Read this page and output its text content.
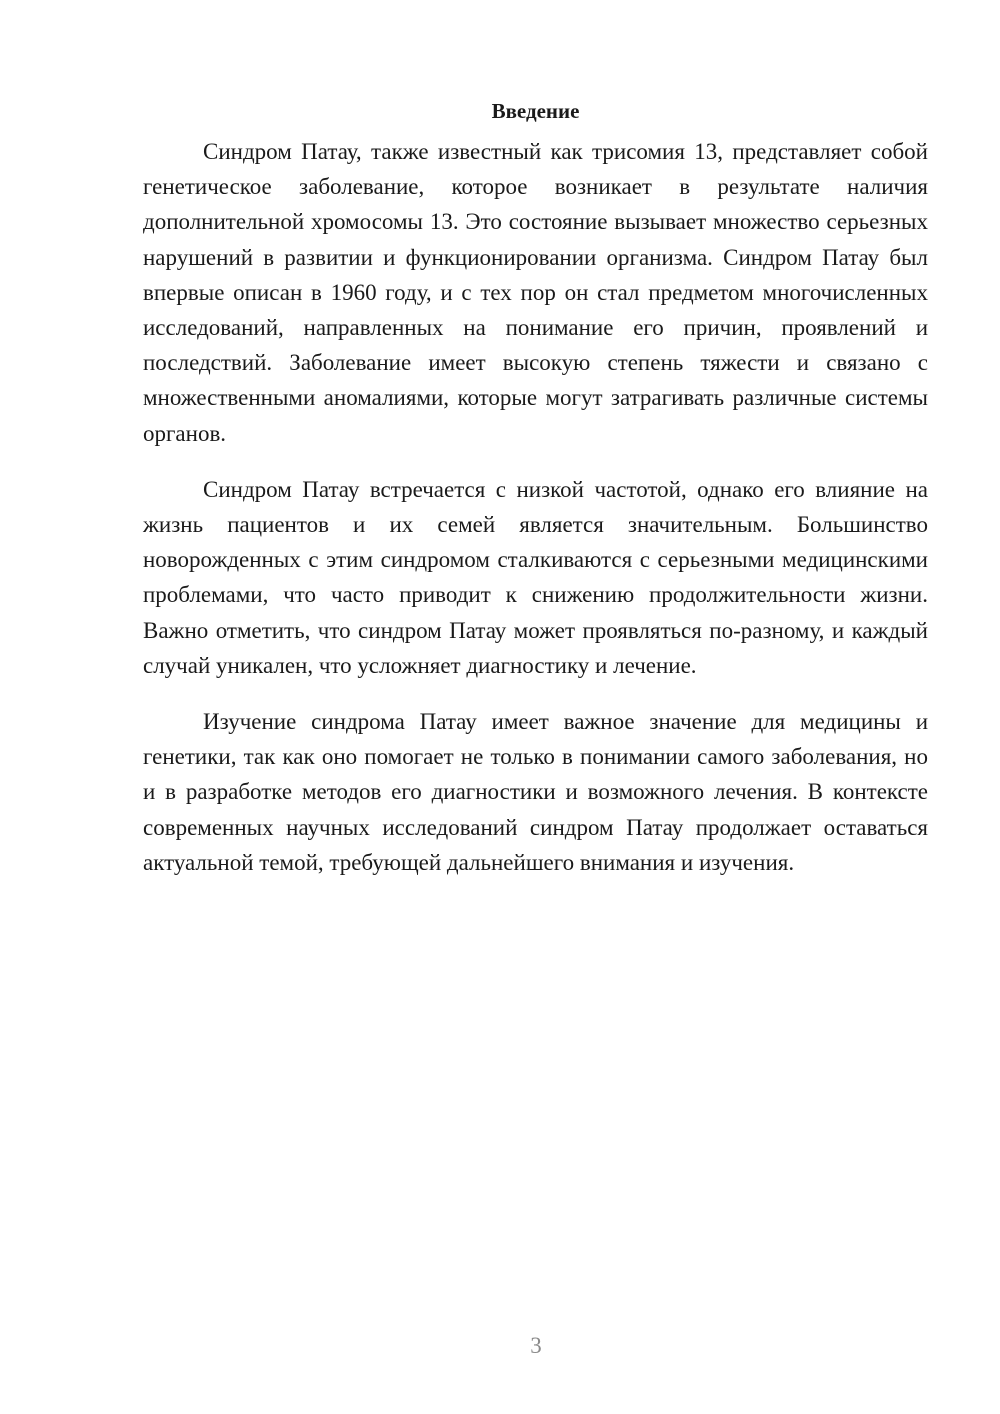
Введение

Синдром Патау, также известный как трисомия 13, представляет собой генетическое заболевание, которое возникает в результате наличия дополнительной хромосомы 13. Это состояние вызывает множество серьезных нарушений в развитии и функционировании организма. Синдром Патау был впервые описан в 1960 году, и с тех пор он стал предметом многочисленных исследований, направленных на понимание его причин, проявлений и последствий. Заболевание имеет высокую степень тяжести и связано с множественными аномалиями, которые могут затрагивать различные системы органов.

Синдром Патау встречается с низкой частотой, однако его влияние на жизнь пациентов и их семей является значительным. Большинство новорожденных с этим синдромом сталкиваются с серьезными медицинскими проблемами, что часто приводит к снижению продолжительности жизни. Важно отметить, что синдром Патау может проявляться по-разному, и каждый случай уникален, что усложняет диагностику и лечение.

Изучение синдрома Патау имеет важное значение для медицины и генетики, так как оно помогает не только в понимании самого заболевания, но и в разработке методов его диагностики и возможного лечения. В контексте современных научных исследований синдром Патау продолжает оставаться актуальной темой, требующей дальнейшего внимания и изучения.

3
